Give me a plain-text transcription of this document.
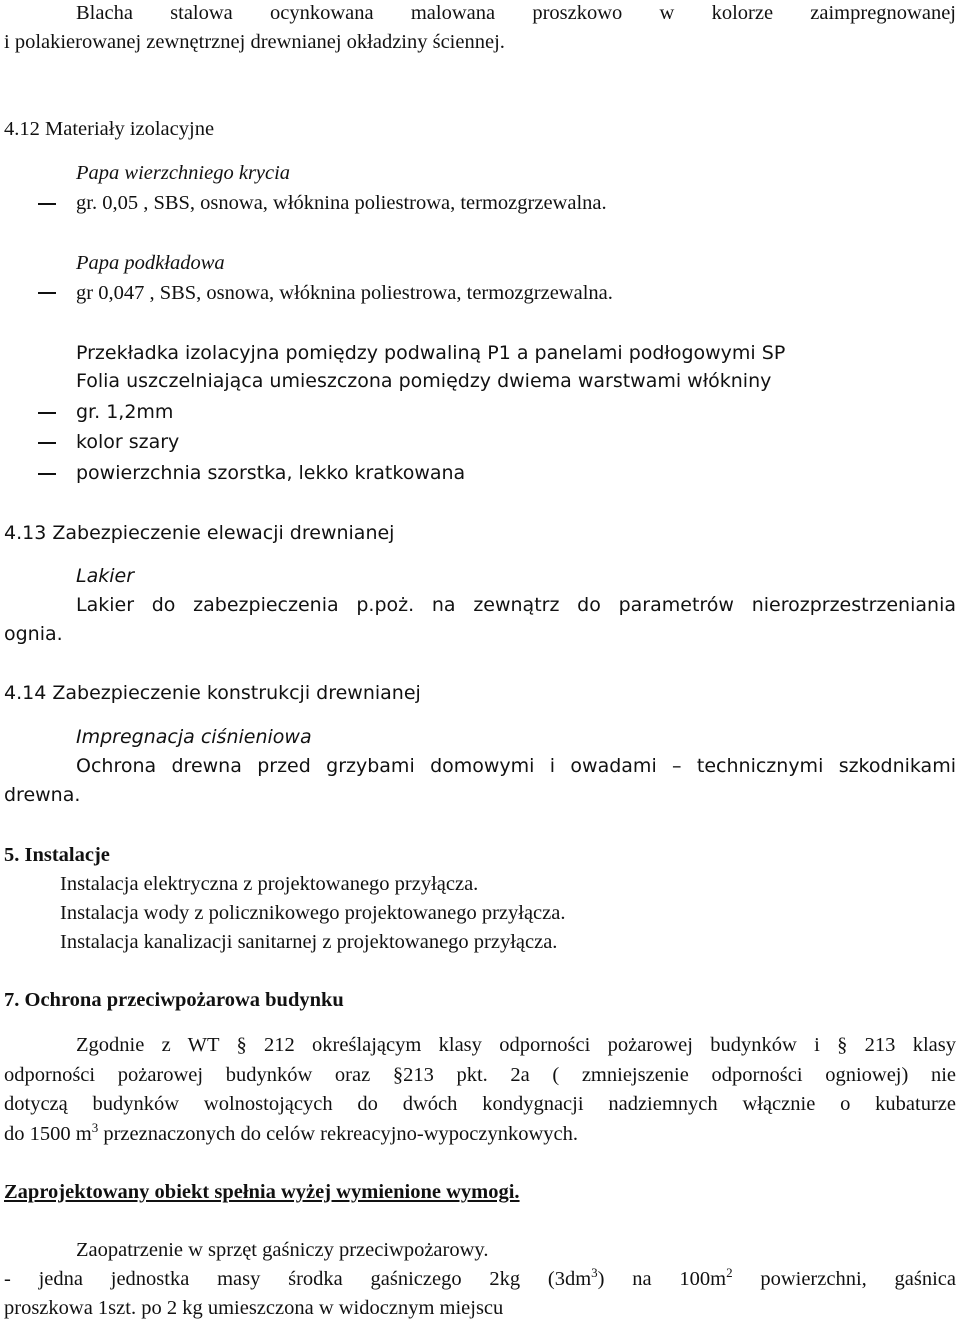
Blacha stalowa ocynkowana malowana proszkowo w kolorze zaimpregnowanej
i polakierowanej zewnętrznej drewnianej okładziny ściennej.
4.12 Materiały izolacyjne
Papa wierzchniego krycia
gr. 0,05 , SBS, osnowa, włóknina poliestrowa, termozgrzewalna.
Papa podkładowa
gr 0,047 , SBS, osnowa, włóknina poliestrowa, termozgrzewalna.
Przekładka izolacyjna pomiędzy podwaliną P1 a panelami podłogowymi SP
Folia uszczelniająca umieszczona pomiędzy dwiema warstwami włókniny
gr. 1,2mm
kolor szary
powierzchnia szorstka, lekko kratkowana
4.13 Zabezpieczenie elewacji drewnianej
Lakier
Lakier do zabezpieczenia p.poż. na zewnątrz do parametrów nierozprzestrzeniania
ognia.
4.14 Zabezpieczenie konstrukcji drewnianej
Impregnacja ciśnieniowa
Ochrona drewna przed grzybami domowymi i owadami – technicznymi szkodnikami
drewna.
5. Instalacje
Instalacja elektryczna z projektowanego przyłącza.
Instalacja wody z policznikowego projektowanego przyłącza.
Instalacja kanalizacji sanitarnej z projektowanego przyłącza.
7. Ochrona przeciwpożarowa budynku
Zgodnie z WT § 212 określającym klasy odporności pożarowej budynków i § 213 klasy
odporności pożarowej budynków oraz §213 pkt. 2a ( zmniejszenie odporności ogniowej) nie
dotyczą budynków wolnostojących do dwóch kondygnacji nadziemnych włącznie o kubaturze
do 1500 $m^3$ przeznaczonych do celów rekreacyjno-wypoczynkowych.
Zaprojektowany obiekt spełnia wyżej wymienione wymogi.
Zaopatrzenie w sprzęt gaśniczy przeciwpożarowy.
- jedna jednostka masy środka gaśniczego 2kg $(3dm^3)$ na $100m^2$ powierzchni, gaśnica
proszkowa 1szt. po 2 kg umieszczona w widocznym miejscu
